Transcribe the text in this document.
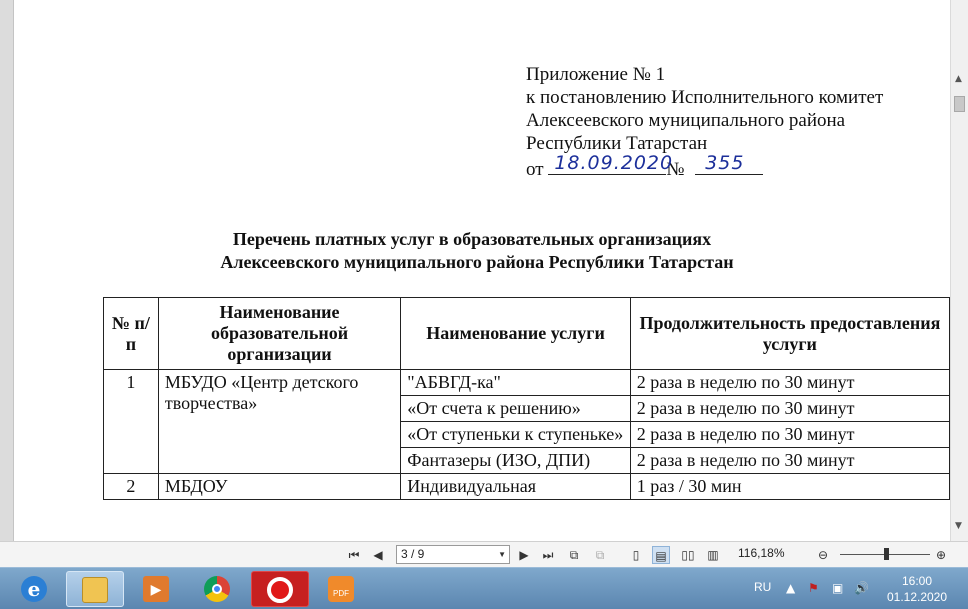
Приложение № 1
к постановлению Исполнительного комитет
Алексеевского муниципального района
Республики Татарстан
от 18.09.2020
№ 355
Перечень платных услуг в образовательных организациях
Алексеевского муниципального района Республики Татарстан
№ п/п	Наименование образовательной организации	Наименование услуги	Продолжительность предоставления услуги
1	МБУДО «Центр детского творчества»	"АБВГД-ка"	2 раза в неделю по 30 минут
		«От счета к решению»	2 раза в неделю по 30 минут
		«От ступеньки к ступеньке»	2 раза в неделю по 30 минут
		Фантазеры (ИЗО, ДПИ)	2 раза в неделю по 30 минут
2	МБДОУ	Индивидуальная	1 раз / 30 мин
▲
▼
⏮ ◀	3 / 9	▼ ▶ ⏭	⧉	⧉	▯	▤ ▯▯ ▥ 116,18%	⊖	⊕
e	▶	PDF	RU ▲ ⚑ ▣ 🔊	16:00
01.12.2020
